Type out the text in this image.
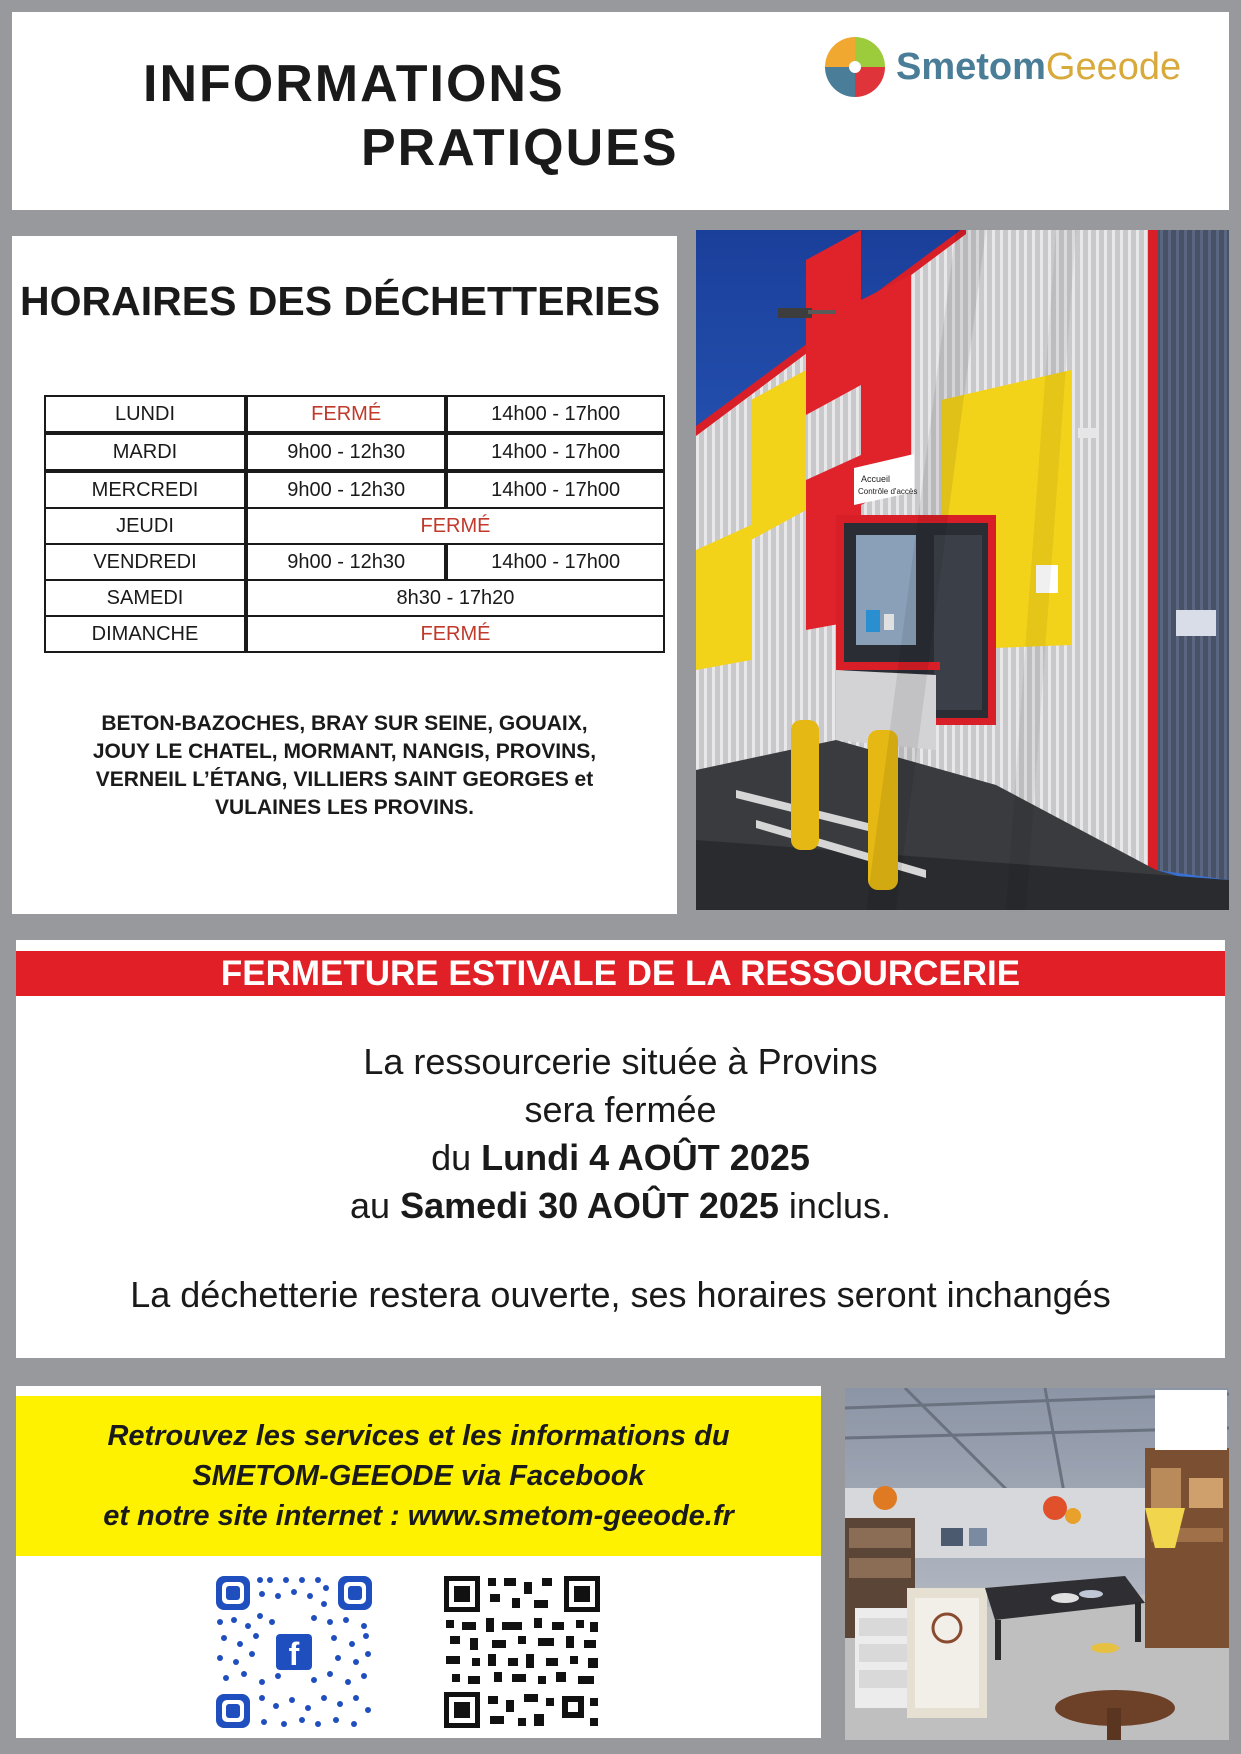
INFORMATIONS
PRATIQUES
SmetomGeeode
HORAIRES DES DÉCHETTERIES
LUNDI	FERMÉ	14h00 - 17h00
MARDI	9h00 - 12h30	14h00 - 17h00
MERCREDI	9h00 - 12h30	14h00 - 17h00
JEUDI	FERMÉ	
VENDREDI	9h00 - 12h30	14h00 - 17h00
SAMEDI	8h30 - 17h20	
DIMANCHE	FERMÉ	
BETON-BAZOCHES, BRAY SUR SEINE, GOUAIX,
JOUY LE CHATEL, MORMANT, NANGIS, PROVINS,
VERNEIL L’ÉTANG, VILLIERS SAINT GEORGES et
VULAINES LES PROVINS.
Accueil
Contrôle d'accès
FERMETURE ESTIVALE DE LA RESSOURCERIE
La ressourcerie située à Provins
sera fermée
du Lundi 4 AOÛT 2025
au Samedi 30 AOÛT 2025 inclus.
La déchetterie restera ouverte, ses horaires seront inchangés
Retrouvez les services et les informations du
SMETOM-GEEODE via Facebook
et notre site internet : www.smetom-geeode.fr
f
